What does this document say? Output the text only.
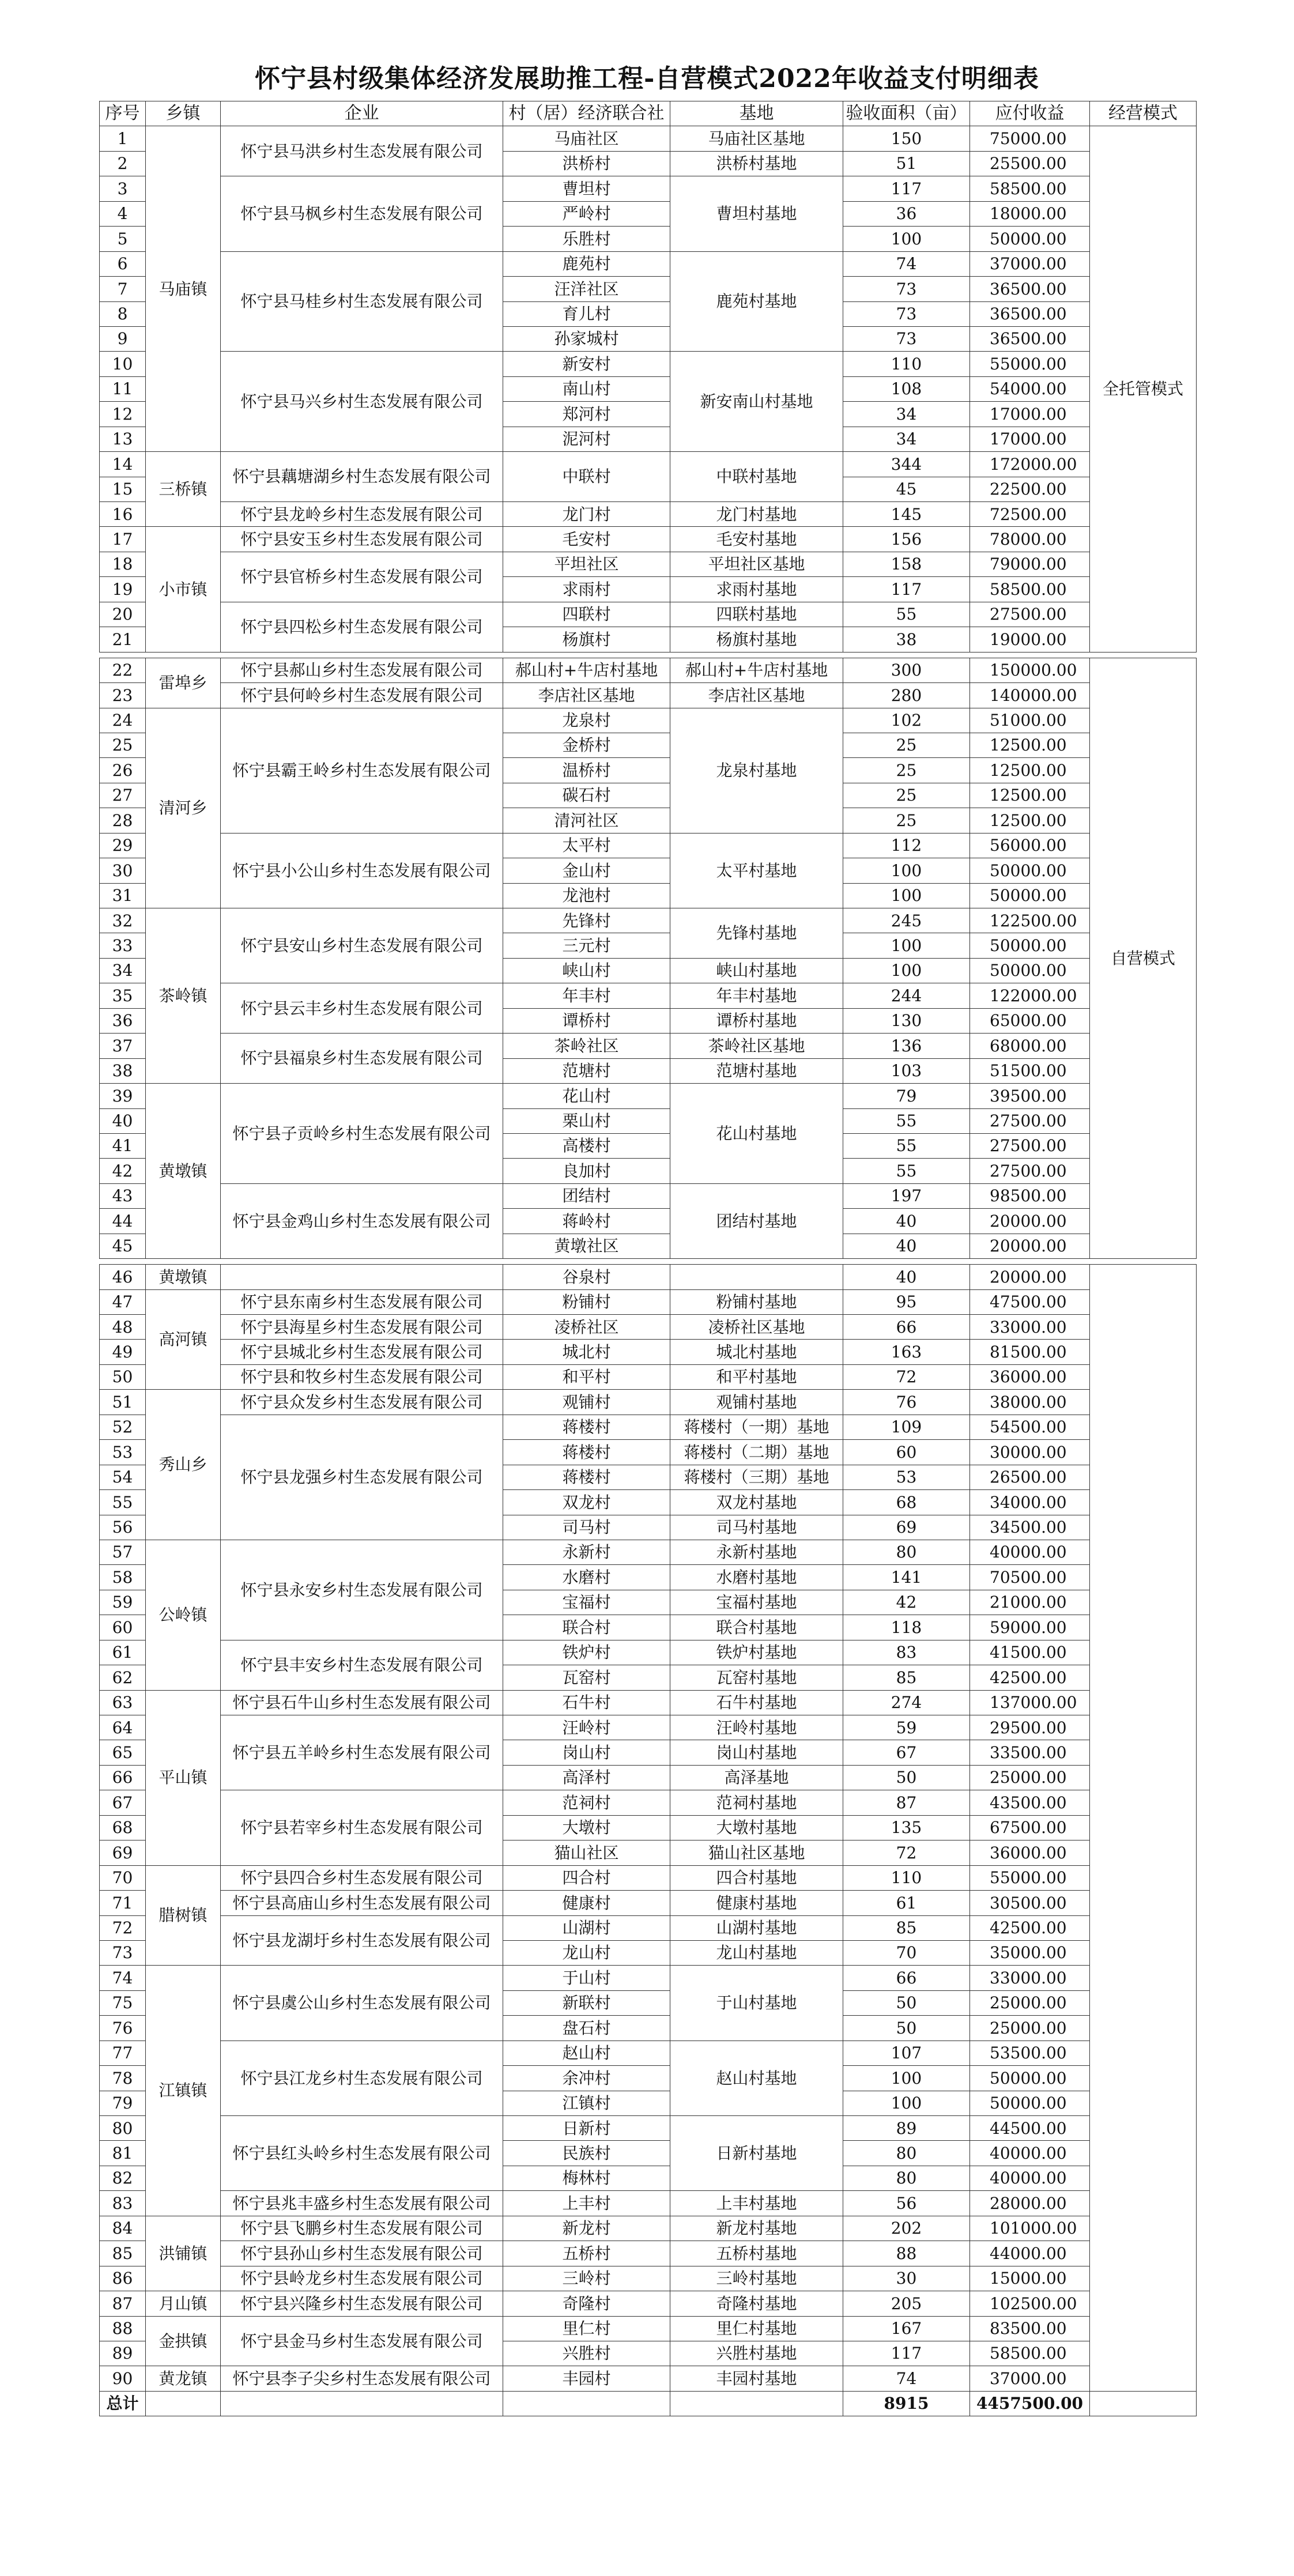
怀宁县村级集体经济发展助推工程-自营模式2022年收益支付明细表
序号	乡镇	企业	村（居）经济联合社	基地	验收面积（亩）	应付收益	经营模式
1	马庙镇	怀宁县马洪乡村生态发展有限公司	马庙社区	马庙社区基地	150	75000.00	全托管模式
2			洪桥村	洪桥村基地	51	25500.00	
3		怀宁县马枫乡村生态发展有限公司	曹坦村	曹坦村基地	117	58500.00	
4			严岭村		36	18000.00	
5			乐胜村		100	50000.00	
6		怀宁县马桂乡村生态发展有限公司	鹿苑村	鹿苑村基地	74	37000.00	
7			汪洋社区		73	36500.00	
8			育儿村		73	36500.00	
9			孙家城村		73	36500.00	
10		怀宁县马兴乡村生态发展有限公司	新安村	新安南山村基地	110	55000.00	
11			南山村		108	54000.00	
12			郑河村		34	17000.00	
13			泥河村		34	17000.00	
14	三桥镇	怀宁县藕塘湖乡村生态发展有限公司	中联村	中联村基地	344	172000.00	
15					45	22500.00	
16		怀宁县龙岭乡村生态发展有限公司	龙门村	龙门村基地	145	72500.00	
17	小市镇	怀宁县安玉乡村生态发展有限公司	毛安村	毛安村基地	156	78000.00	
18		怀宁县官桥乡村生态发展有限公司	平坦社区	平坦社区基地	158	79000.00	
19			求雨村	求雨村基地	117	58500.00	
20		怀宁县四松乡村生态发展有限公司	四联村	四联村基地	55	27500.00	
21			杨旗村	杨旗村基地	38	19000.00	

22	雷埠乡	怀宁县郝山乡村生态发展有限公司	郝山村+牛店村基地	郝山村+牛店村基地	300	150000.00	自营模式
23		怀宁县何岭乡村生态发展有限公司	李店社区基地	李店社区基地	280	140000.00	
24	清河乡	怀宁县霸王岭乡村生态发展有限公司	龙泉村	龙泉村基地	102	51000.00	
25			金桥村		25	12500.00	
26			温桥村		25	12500.00	
27			碳石村		25	12500.00	
28			清河社区		25	12500.00	
29		怀宁县小公山乡村生态发展有限公司	太平村	太平村基地	112	56000.00	
30			金山村		100	50000.00	
31			龙池村		100	50000.00	
32	茶岭镇	怀宁县安山乡村生态发展有限公司	先锋村	先锋村基地	245	122500.00	
33			三元村		100	50000.00	
34			峡山村	峡山村基地	100	50000.00	
35		怀宁县云丰乡村生态发展有限公司	年丰村	年丰村基地	244	122000.00	
36			谭桥村	谭桥村基地	130	65000.00	
37		怀宁县福泉乡村生态发展有限公司	茶岭社区	茶岭社区基地	136	68000.00	
38			范塘村	范塘村基地	103	51500.00	
39	黄墩镇	怀宁县子贡岭乡村生态发展有限公司	花山村	花山村基地	79	39500.00	
40			栗山村		55	27500.00	
41			高楼村		55	27500.00	
42			良加村		55	27500.00	
43		怀宁县金鸡山乡村生态发展有限公司	团结村	团结村基地	197	98500.00	
44			蒋岭村		40	20000.00	
45			黄墩社区		40	20000.00	

46	黄墩镇		谷泉村		40	20000.00	
47	高河镇	怀宁县东南乡村生态发展有限公司	粉铺村	粉铺村基地	95	47500.00	
48		怀宁县海星乡村生态发展有限公司	凌桥社区	凌桥社区基地	66	33000.00	
49		怀宁县城北乡村生态发展有限公司	城北村	城北村基地	163	81500.00	
50		怀宁县和牧乡村生态发展有限公司	和平村	和平村基地	72	36000.00	
51	秀山乡	怀宁县众发乡村生态发展有限公司	观铺村	观铺村基地	76	38000.00	
52		怀宁县龙强乡村生态发展有限公司	蒋楼村	蒋楼村（一期）基地	109	54500.00	
53			蒋楼村	蒋楼村（二期）基地	60	30000.00	
54			蒋楼村	蒋楼村（三期）基地	53	26500.00	
55			双龙村	双龙村基地	68	34000.00	
56			司马村	司马村基地	69	34500.00	
57	公岭镇	怀宁县永安乡村生态发展有限公司	永新村	永新村基地	80	40000.00	
58			水磨村	水磨村基地	141	70500.00	
59			宝福村	宝福村基地	42	21000.00	
60			联合村	联合村基地	118	59000.00	
61		怀宁县丰安乡村生态发展有限公司	铁炉村	铁炉村基地	83	41500.00	
62			瓦窑村	瓦窑村基地	85	42500.00	
63	平山镇	怀宁县石牛山乡村生态发展有限公司	石牛村	石牛村基地	274	137000.00	
64		怀宁县五羊岭乡村生态发展有限公司	汪岭村	汪岭村基地	59	29500.00	
65			岗山村	岗山村基地	67	33500.00	
66			高泽村	高泽基地	50	25000.00	
67		怀宁县若宰乡村生态发展有限公司	范祠村	范祠村基地	87	43500.00	
68			大墩村	大墩村基地	135	67500.00	
69			猫山社区	猫山社区基地	72	36000.00	
70	腊树镇	怀宁县四合乡村生态发展有限公司	四合村	四合村基地	110	55000.00	
71		怀宁县高庙山乡村生态发展有限公司	健康村	健康村基地	61	30500.00	
72		怀宁县龙湖圩乡村生态发展有限公司	山湖村	山湖村基地	85	42500.00	
73			龙山村	龙山村基地	70	35000.00	
74	江镇镇	怀宁县虞公山乡村生态发展有限公司	于山村	于山村基地	66	33000.00	
75			新联村		50	25000.00	
76			盘石村		50	25000.00	
77		怀宁县江龙乡村生态发展有限公司	赵山村	赵山村基地	107	53500.00	
78			余冲村		100	50000.00	
79			江镇村		100	50000.00	
80		怀宁县红头岭乡村生态发展有限公司	日新村	日新村基地	89	44500.00	
81			民族村		80	40000.00	
82			梅林村		80	40000.00	
83		怀宁县兆丰盛乡村生态发展有限公司	上丰村	上丰村基地	56	28000.00	
84	洪铺镇	怀宁县飞鹏乡村生态发展有限公司	新龙村	新龙村基地	202	101000.00	
85		怀宁县孙山乡村生态发展有限公司	五桥村	五桥村基地	88	44000.00	
86		怀宁县岭龙乡村生态发展有限公司	三岭村	三岭村基地	30	15000.00	
87	月山镇	怀宁县兴隆乡村生态发展有限公司	奇隆村	奇隆村基地	205	102500.00	
88	金拱镇	怀宁县金马乡村生态发展有限公司	里仁村	里仁村基地	167	83500.00	
89			兴胜村	兴胜村基地	117	58500.00	
90	黄龙镇	怀宁县李子尖乡村生态发展有限公司	丰园村	丰园村基地	74	37000.00	
总计					8915	4457500.00	
